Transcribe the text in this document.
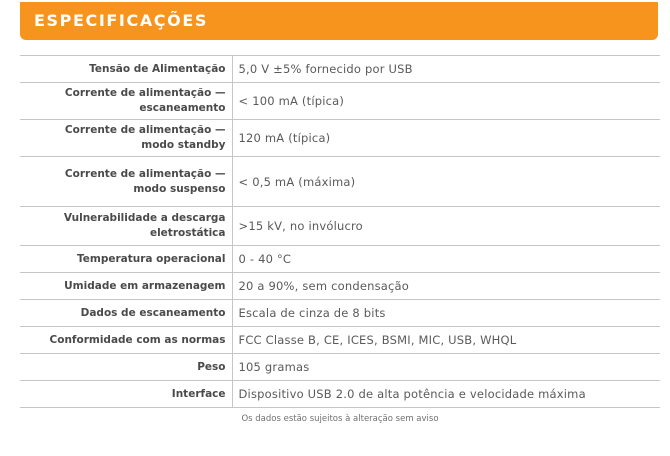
ESPECIFICAÇÕES
Tensão de Alimentação	5,0 V ±5% fornecido por USB
Corrente de alimentação —
escaneamento	< 100 mA (típica)
Corrente de alimentação —
modo standby	120 mA (típica)
Corrente de alimentação —
modo suspenso	< 0,5 mA (máxima)
Vulnerabilidade a descarga
eletrostática	>15 kV, no invólucro
Temperatura operacional	0 - 40 °C
Umidade em armazenagem	20 a 90%, sem condensação
Dados de escaneamento	Escala de cinza de 8 bits
Conformidade com as normas	FCC Classe B, CE, ICES, BSMI, MIC, USB, WHQL
Peso	105 gramas
Interface	Dispositivo USB 2.0 de alta potência e velocidade máxima
Os dados estão sujeitos à alteração sem aviso
